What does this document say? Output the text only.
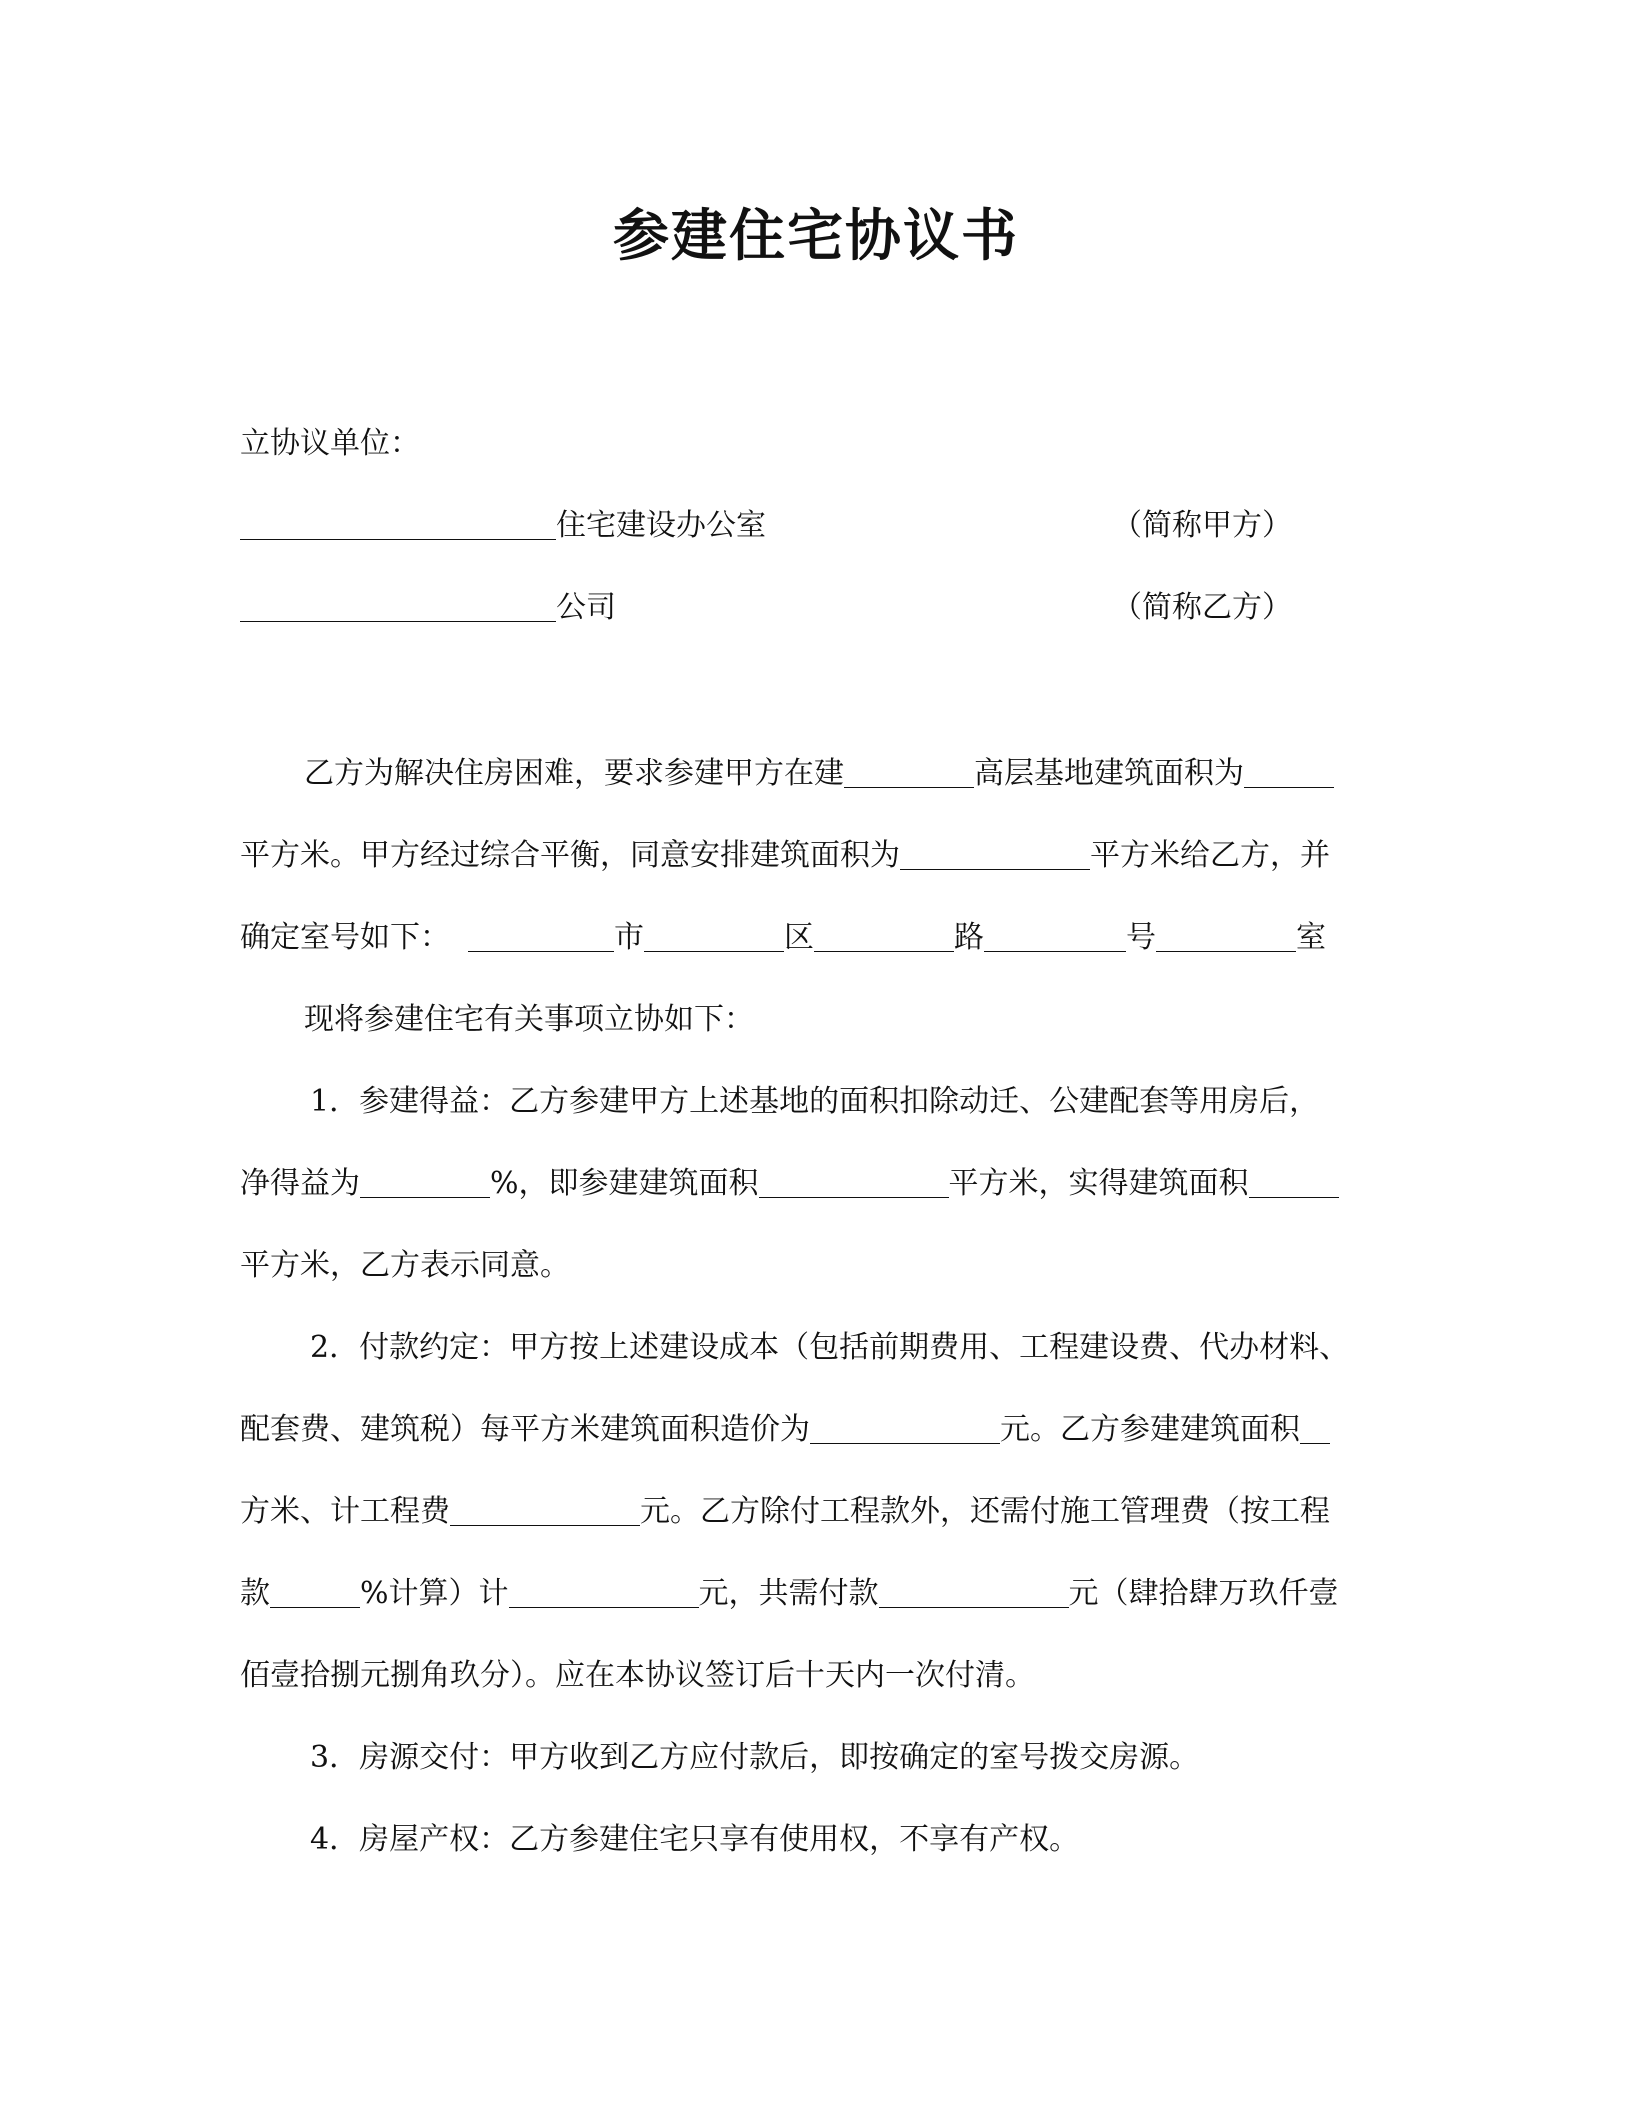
参建住宅协议书
立协议单位：
住宅建设办公室	（简称甲方）
公司	（简称乙方）
乙方为解决住房困难，要求参建甲方在建	高层基地建筑面积为
平方米。甲方经过综合平衡，同意安排建筑面积为	平方米给乙方，并
确定室号如下：	市	区	路	号	室
现将参建住宅有关事项立协如下：
1．参建得益：乙方参建甲方上述基地的面积扣除动迁、公建配套等用房后，
净得益为	%，即参建建筑面积	平方米，实得建筑面积
平方米，乙方表示同意。
2．付款约定：甲方按上述建设成本（包括前期费用、工程建设费、代办材料、
配套费、建筑税）每平方米建筑面积造价为	元。乙方参建建筑面积
方米、计工程费	元。乙方除付工程款外，还需付施工管理费（按工程
款	%计算）计	元，共需付款	元（肆拾肆万玖仟壹
佰壹拾捌元捌角玖分）。应在本协议签订后十天内一次付清。
3．房源交付：甲方收到乙方应付款后，即按确定的室号拨交房源。
4．房屋产权：乙方参建住宅只享有使用权，不享有产权。
